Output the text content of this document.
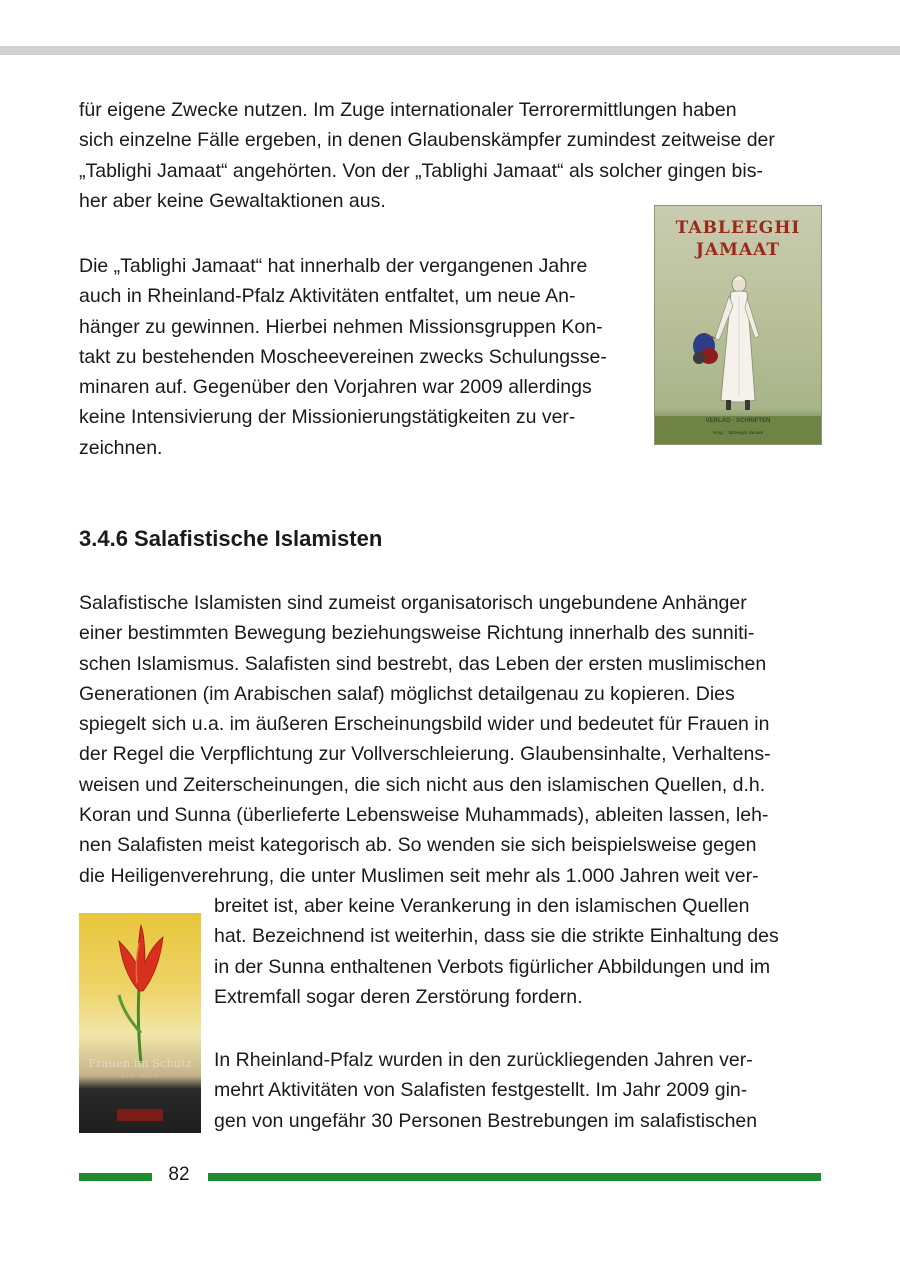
für eigene Zwecke nutzen. Im Zuge internationaler Terrorermittlungen haben
sich einzelne Fälle ergeben, in denen Glaubenskämpfer zumindest zeitweise der
„Tablighi Jamaat“ angehörten. Von der „Tablighi Jamaat“ als solcher gingen bis-
her aber keine Gewaltaktionen aus.

Die „Tablighi Jamaat“ hat innerhalb der vergangenen Jahre
auch in Rheinland-Pfalz Aktivitäten entfaltet, um neue An-
hänger zu gewinnen. Hierbei nehmen Missionsgruppen Kon-
takt zu bestehenden Moscheevereinen zwecks Schulungsse-
minaren auf. Gegenüber den Vorjahren war 2009 allerdings
keine Intensivierung der Missionierungstätigkeiten zu ver-
zeichnen.

TABLEEGHI
JAMAAT
VERLAG · SCHRIFTEN
Hrsg. · Tableeghi Jamaat
3.4.6 Salafistische Islamisten

Salafistische Islamisten sind zumeist organisatorisch ungebundene Anhänger
einer bestimmten Bewegung beziehungsweise Richtung innerhalb des sunniti-
schen Islamismus. Salafisten sind bestrebt, das Leben der ersten muslimischen
Generationen (im Arabischen salaf) möglichst detailgenau zu kopieren. Dies
spiegelt sich u.a. im äußeren Erscheinungsbild wider und bedeutet für Frauen in
der Regel die Verpflichtung zur Vollverschleierung. Glaubensinhalte, Verhaltens-
weisen und Zeiterscheinungen, die sich nicht aus den islamischen Quellen, d.h.
Koran und Sunna (überlieferte Lebensweise Muhammads), ableiten lassen, leh-
nen Salafisten meist kategorisch ab. So wenden sie sich beispielsweise gegen
die Heiligenverehrung, die unter Muslimen seit mehr als 1.000 Jahren weit ver-

breitet ist, aber keine Verankerung in den islamischen Quellen
hat. Bezeichnend ist weiterhin, dass sie die strikte Einhaltung des
in der Sunna enthaltenen Verbots figürlicher Abbildungen und im
Extremfall sogar deren Zerstörung fordern.

Frauen im Schutz
des Islam

In Rheinland-Pfalz wurden in den zurückliegenden Jahren ver-
mehrt Aktivitäten von Salafisten festgestellt. Im Jahr 2009 gin-
gen von ungefähr 30 Personen Bestrebungen im salafistischen

82
